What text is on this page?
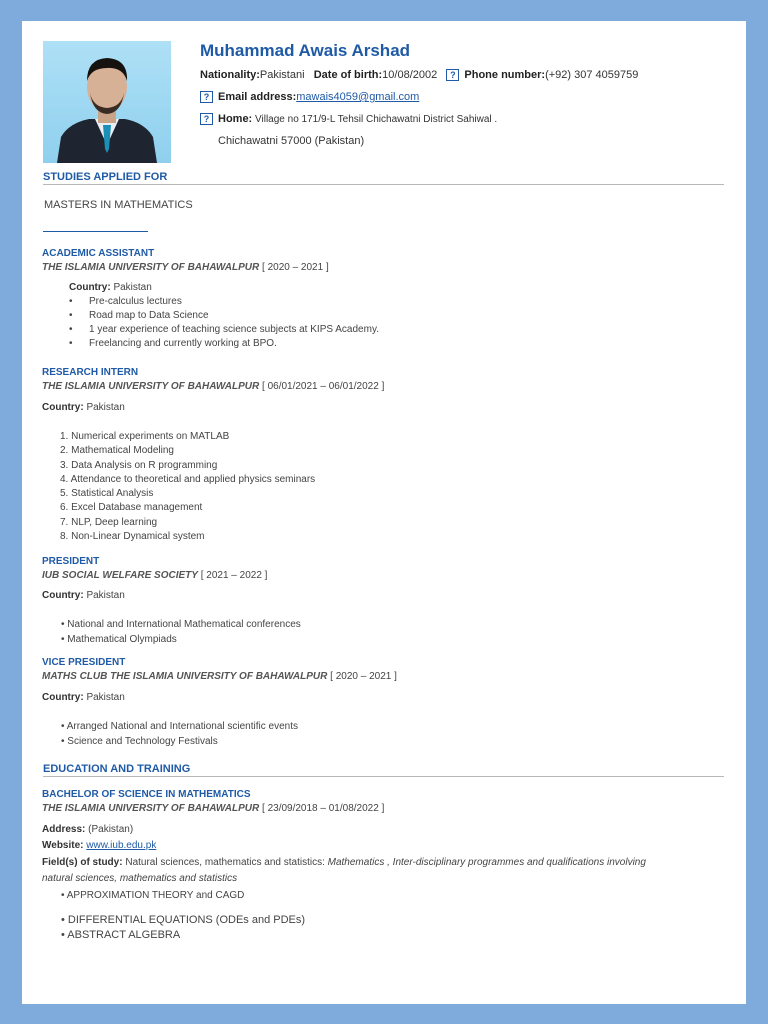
Muhammad Awais Arshad
Nationality:Pakistani Date of birth:10/08/2002 ? Phone number:(+92) 307 4059759
? Email address:mawais4059@gmail.com
? Home: Village no 171/9-L Tehsil Chichawatni District Sahiwal .
Chichawatni 57000 (Pakistan)
STUDIES APPLIED FOR
MASTERS IN MATHEMATICS
ACADEMIC ASSISTANT
THE ISLAMIA UNIVERSITY OF BAHAWALPUR [ 2020 – 2021 ]
Country: Pakistan
• Pre-calculus lectures
• Road map to Data Science
• 1 year experience of teaching science subjects at KIPS Academy.
• Freelancing and currently working at BPO.
RESEARCH INTERN
THE ISLAMIA UNIVERSITY OF BAHAWALPUR [ 06/01/2021 – 06/01/2022 ]
Country: Pakistan
1. Numerical experiments on MATLAB
2. Mathematical Modeling
3. Data Analysis on R programming
4. Attendance to theoretical and applied physics seminars
5. Statistical Analysis
6. Excel Database management
7. NLP, Deep learning
8. Non-Linear Dynamical system
PRESIDENT
IUB SOCIAL WELFARE SOCIETY [ 2021 – 2022 ]
Country: Pakistan
• National and International Mathematical conferences
• Mathematical Olympiads
VICE PRESIDENT
MATHS CLUB THE ISLAMIA UNIVERSITY OF BAHAWALPUR [ 2020 – 2021 ]
Country: Pakistan
• Arranged National and International scientific events
• Science and Technology Festivals
EDUCATION AND TRAINING
BACHELOR OF SCIENCE IN MATHEMATICS
THE ISLAMIA UNIVERSITY OF BAHAWALPUR [ 23/09/2018 – 01/08/2022 ]
Address: (Pakistan)
Website: www.iub.edu.pk
Field(s) of study: Natural sciences, mathematics and statistics: Mathematics , Inter-disciplinary programmes and qualifications involving
natural sciences, mathematics and statistics
• APPROXIMATION THEORY and CAGD
• DIFFERENTIAL EQUATIONS (ODEs and PDEs)
• ABSTRACT ALGEBRA
